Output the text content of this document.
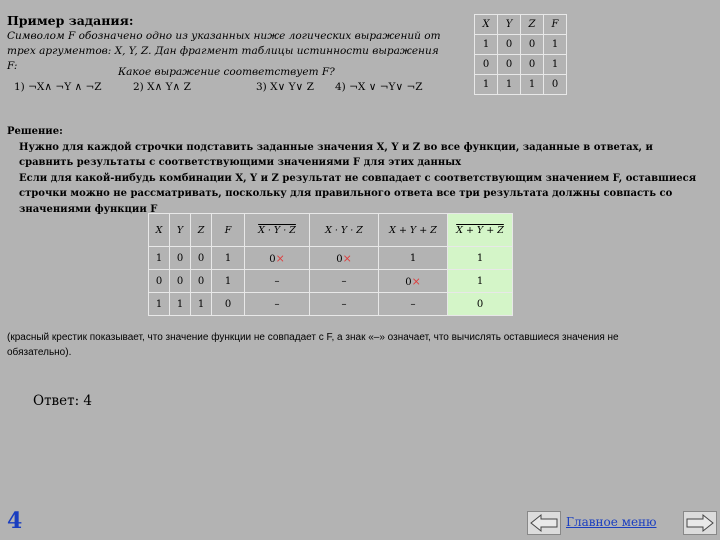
Пример задания:
Символом F обозначено одно из указанных ниже логических выражений от трех аргументов: X, Y, Z. Дан фрагмент таблицы истинности выражения F:	Какое выражение соответствует F?
1) ¬X∧ ¬Y ∧ ¬Z	2) X∧ Y∧ Z	3) X∨ Y∨ Z 4) ¬X ∨ ¬Y∨ ¬Z
X	Y	Z	F
1	0	0	1
0	0	0	1
1	1	1	0

Решение:

Нужно для каждой строчки подставить заданные значения X, Y и Z во все функции, заданные в ответах, и сравнить результаты с соответствующими значениями F для этих данных

Если для какой-нибудь комбинации X, Y и Z результат не совпадает с соответствующим значением F, оставшиеся строчки можно не рассматривать, поскольку для правильного ответа все три результата должны совпасть со значениями функции F

X	Y	Z	F	X · Y · Z	X · Y · Z	X + Y + Z	X + Y + Z
1	0	0	1	0×	0×	1	1
0	0	0	1	–	–	0×	1
1	1	1	0	–	–	–	0
(красный крестик показывает, что значение функции не совпадает с F, а знак «–» означает, что вычислять оставшиеся значения не обязательно).
Ответ: 4
4	Главное меню
